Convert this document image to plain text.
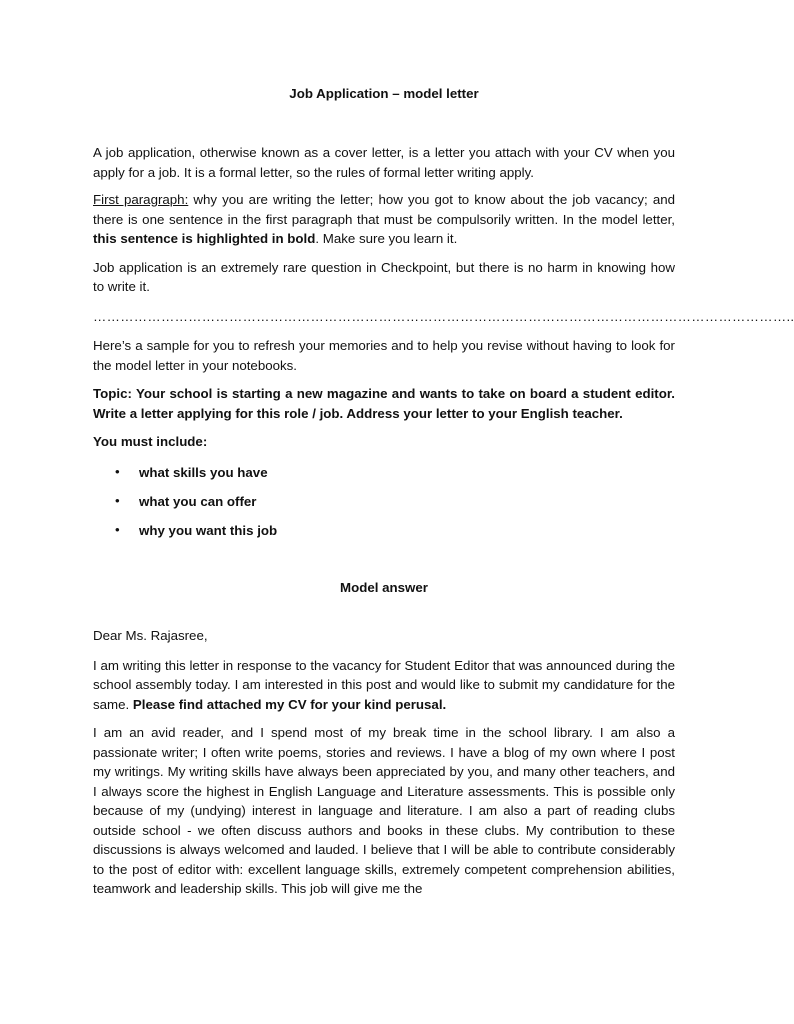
Job Application – model letter

A job application, otherwise known as a cover letter, is a letter you attach with your CV when you apply for a job. It is a formal letter, so the rules of formal letter writing apply.

First paragraph: why you are writing the letter; how you got to know about the job vacancy; and there is one sentence in the first paragraph that must be compulsorily written. In the model letter, this sentence is highlighted in bold. Make sure you learn it.

Job application is an extremely rare question in Checkpoint, but there is no harm in knowing how to write it.

………………………………………………………………………………………………………………………………………..

Here’s a sample for you to refresh your memories and to help you revise without having to look for the model letter in your notebooks.

Topic: Your school is starting a new magazine and wants to take on board a student editor. Write a letter applying for this role / job. Address your letter to your English teacher.

You must include:

• what skills you have
• what you can offer
• why you want this job

Model answer

Dear Ms. Rajasree,

I am writing this letter in response to the vacancy for Student Editor that was announced during the school assembly today. I am interested in this post and would like to submit my candidature for the same. Please find attached my CV for your kind perusal.

I am an avid reader, and I spend most of my break time in the school library. I am also a passionate writer; I often write poems, stories and reviews. I have a blog of my own where I post my writings. My writing skills have always been appreciated by you, and many other teachers, and I always score the highest in English Language and Literature assessments. This is possible only because of my (undying) interest in language and literature. I am also a part of reading clubs outside school - we often discuss authors and books in these clubs. My contribution to these discussions is always welcomed and lauded. I believe that I will be able to contribute considerably to the post of editor with: excellent language skills, extremely competent comprehension abilities, teamwork and leadership skills. This job will give me the
